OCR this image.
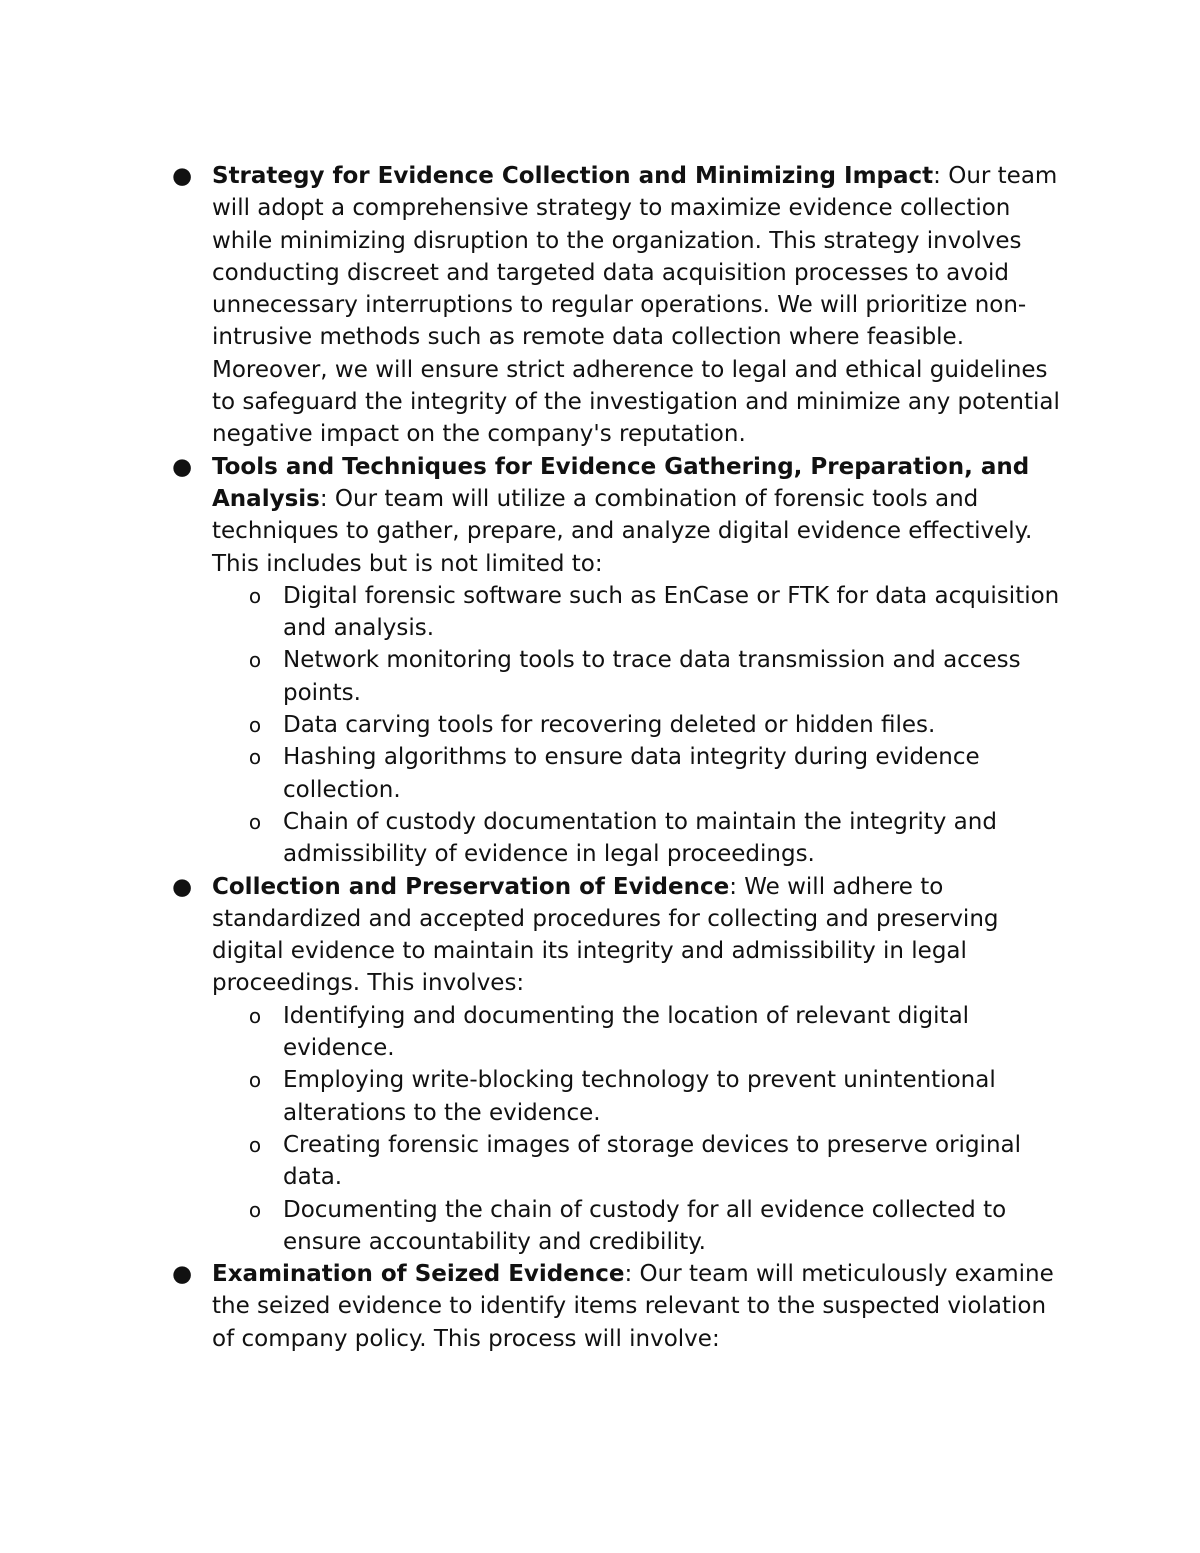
● Strategy for Evidence Collection and Minimizing Impact: Our team will adopt a comprehensive strategy to maximize evidence collection while minimizing disruption to the organization. This strategy involves conducting discreet and targeted data acquisition processes to avoid unnecessary interruptions to regular operations. We will prioritize non-intrusive methods such as remote data collection where feasible. Moreover, we will ensure strict adherence to legal and ethical guidelines to safeguard the integrity of the investigation and minimize any potential negative impact on the company's reputation.
● Tools and Techniques for Evidence Gathering, Preparation, and Analysis: Our team will utilize a combination of forensic tools and techniques to gather, prepare, and analyze digital evidence effectively. This includes but is not limited to:
o Digital forensic software such as EnCase or FTK for data acquisition and analysis.
o Network monitoring tools to trace data transmission and access points.
o Data carving tools for recovering deleted or hidden files.
o Hashing algorithms to ensure data integrity during evidence collection.
o Chain of custody documentation to maintain the integrity and admissibility of evidence in legal proceedings.
● Collection and Preservation of Evidence: We will adhere to standardized and accepted procedures for collecting and preserving digital evidence to maintain its integrity and admissibility in legal proceedings. This involves:
o Identifying and documenting the location of relevant digital evidence.
o Employing write-blocking technology to prevent unintentional alterations to the evidence.
o Creating forensic images of storage devices to preserve original data.
o Documenting the chain of custody for all evidence collected to ensure accountability and credibility.
● Examination of Seized Evidence: Our team will meticulously examine the seized evidence to identify items relevant to the suspected violation of company policy. This process will involve:
